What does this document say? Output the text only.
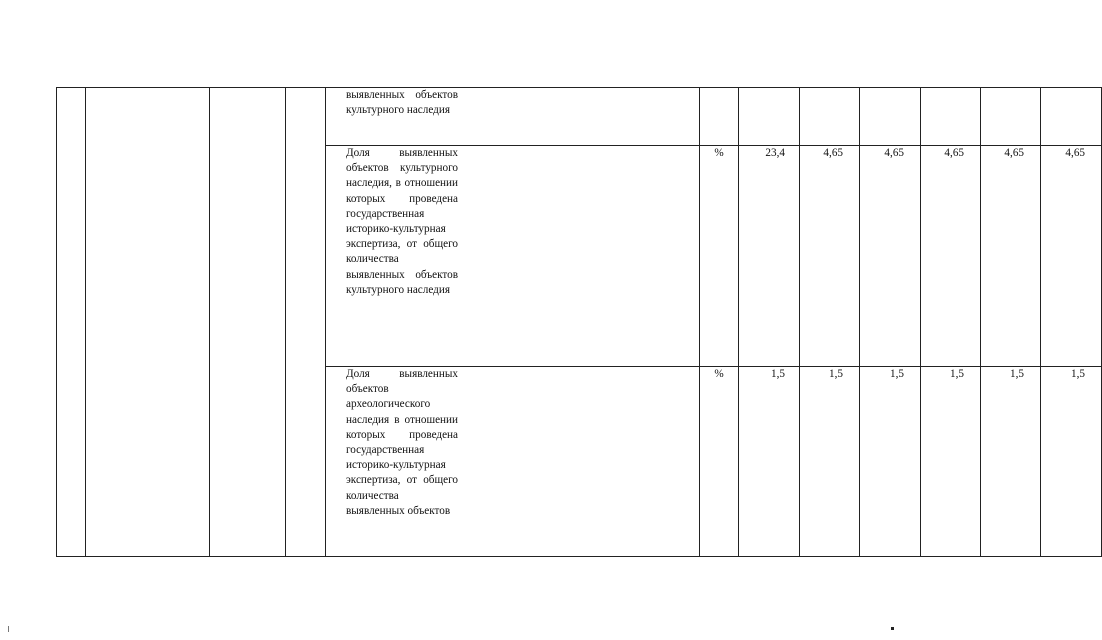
				выявленных объектов культурного наследия							

				Доля выявленных объектов культурного наследия, в отношении которых проведена государственная историко-культурная экспертиза, от общего количества выявленных объектов культурного наследия	%	23,4	4,65	4,65	4,65	4,65	4,65

				Доля выявленных объектов археологического наследия в отношении которых проведена государственная историко-культурная экспертиза, от общего количества выявленных объектов	%	1,5	1,5	1,5	1,5	1,5	1,5
